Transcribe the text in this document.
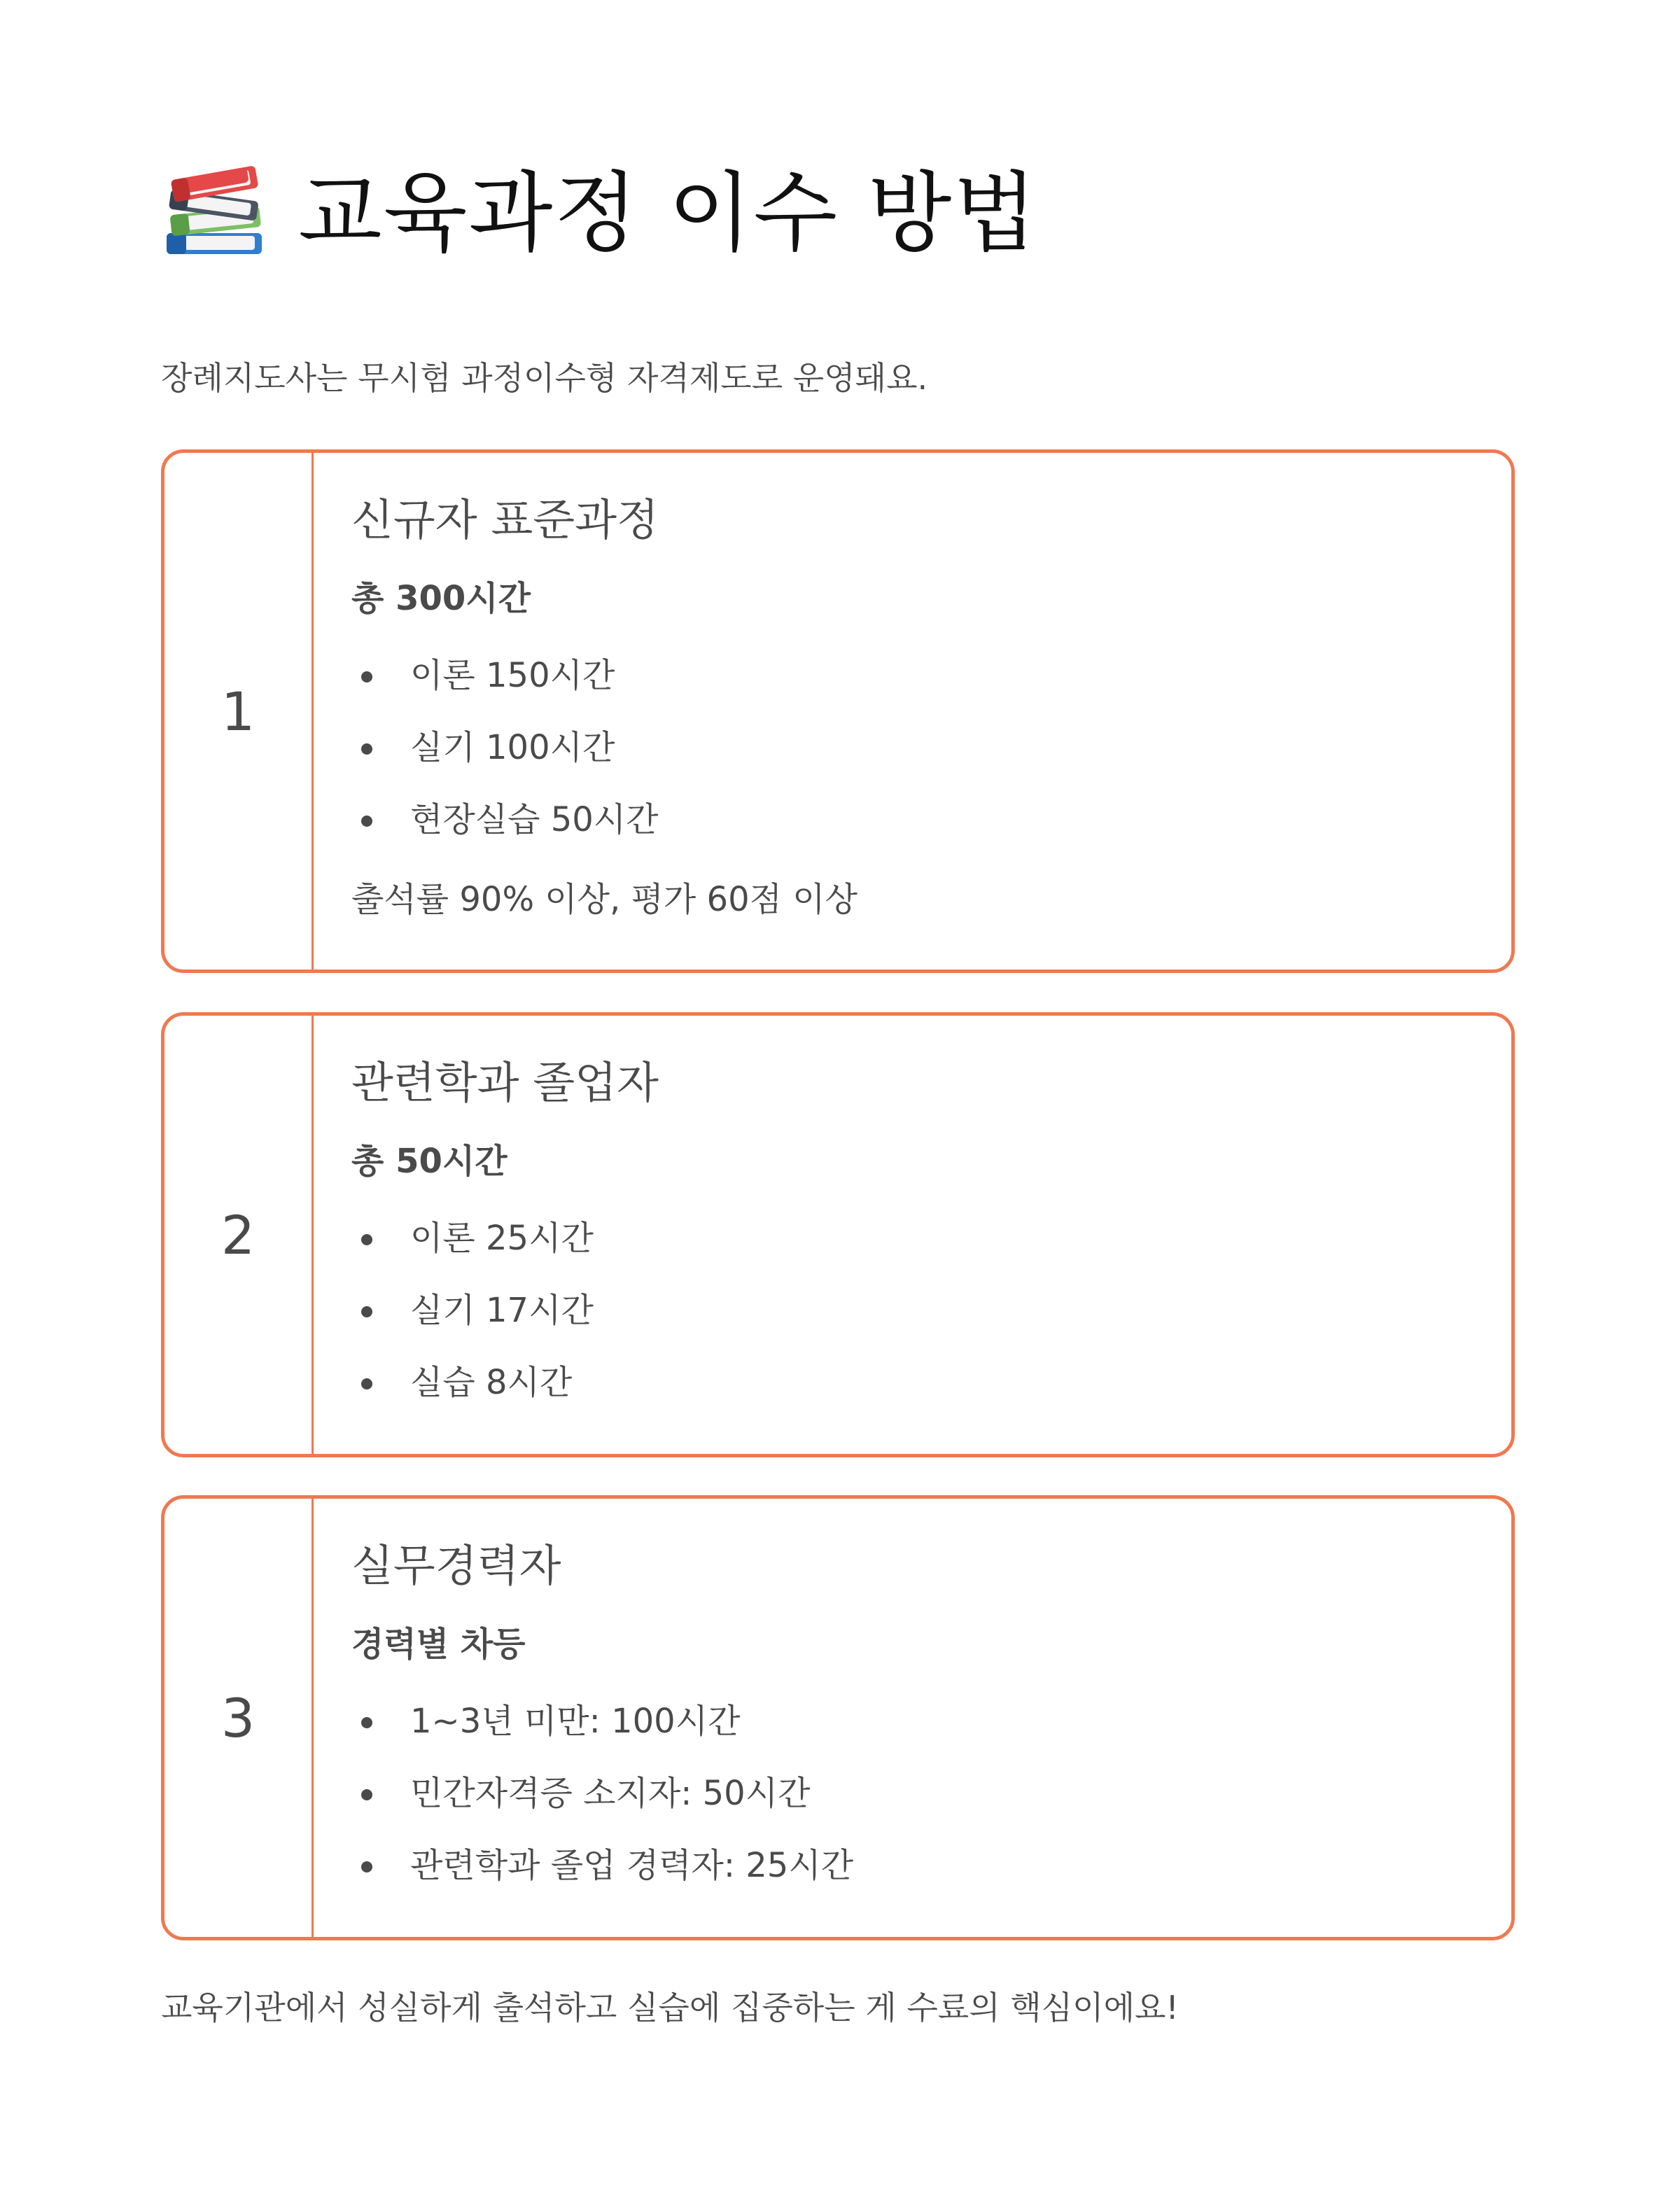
교육과정 이수 방법
장례지도사는 무시험 과정이수형 자격제도로 운영돼요.
1
신규자 표준과정
총 300시간
이론 150시간
실기 100시간
현장실습 50시간
출석률 90% 이상, 평가 60점 이상
2
관련학과 졸업자
총 50시간
이론 25시간
실기 17시간
실습 8시간
3
실무경력자
경력별 차등
1~3년 미만: 100시간
민간자격증 소지자: 50시간
관련학과 졸업 경력자: 25시간
교육기관에서 성실하게 출석하고 실습에 집중하는 게 수료의 핵심이에요!
